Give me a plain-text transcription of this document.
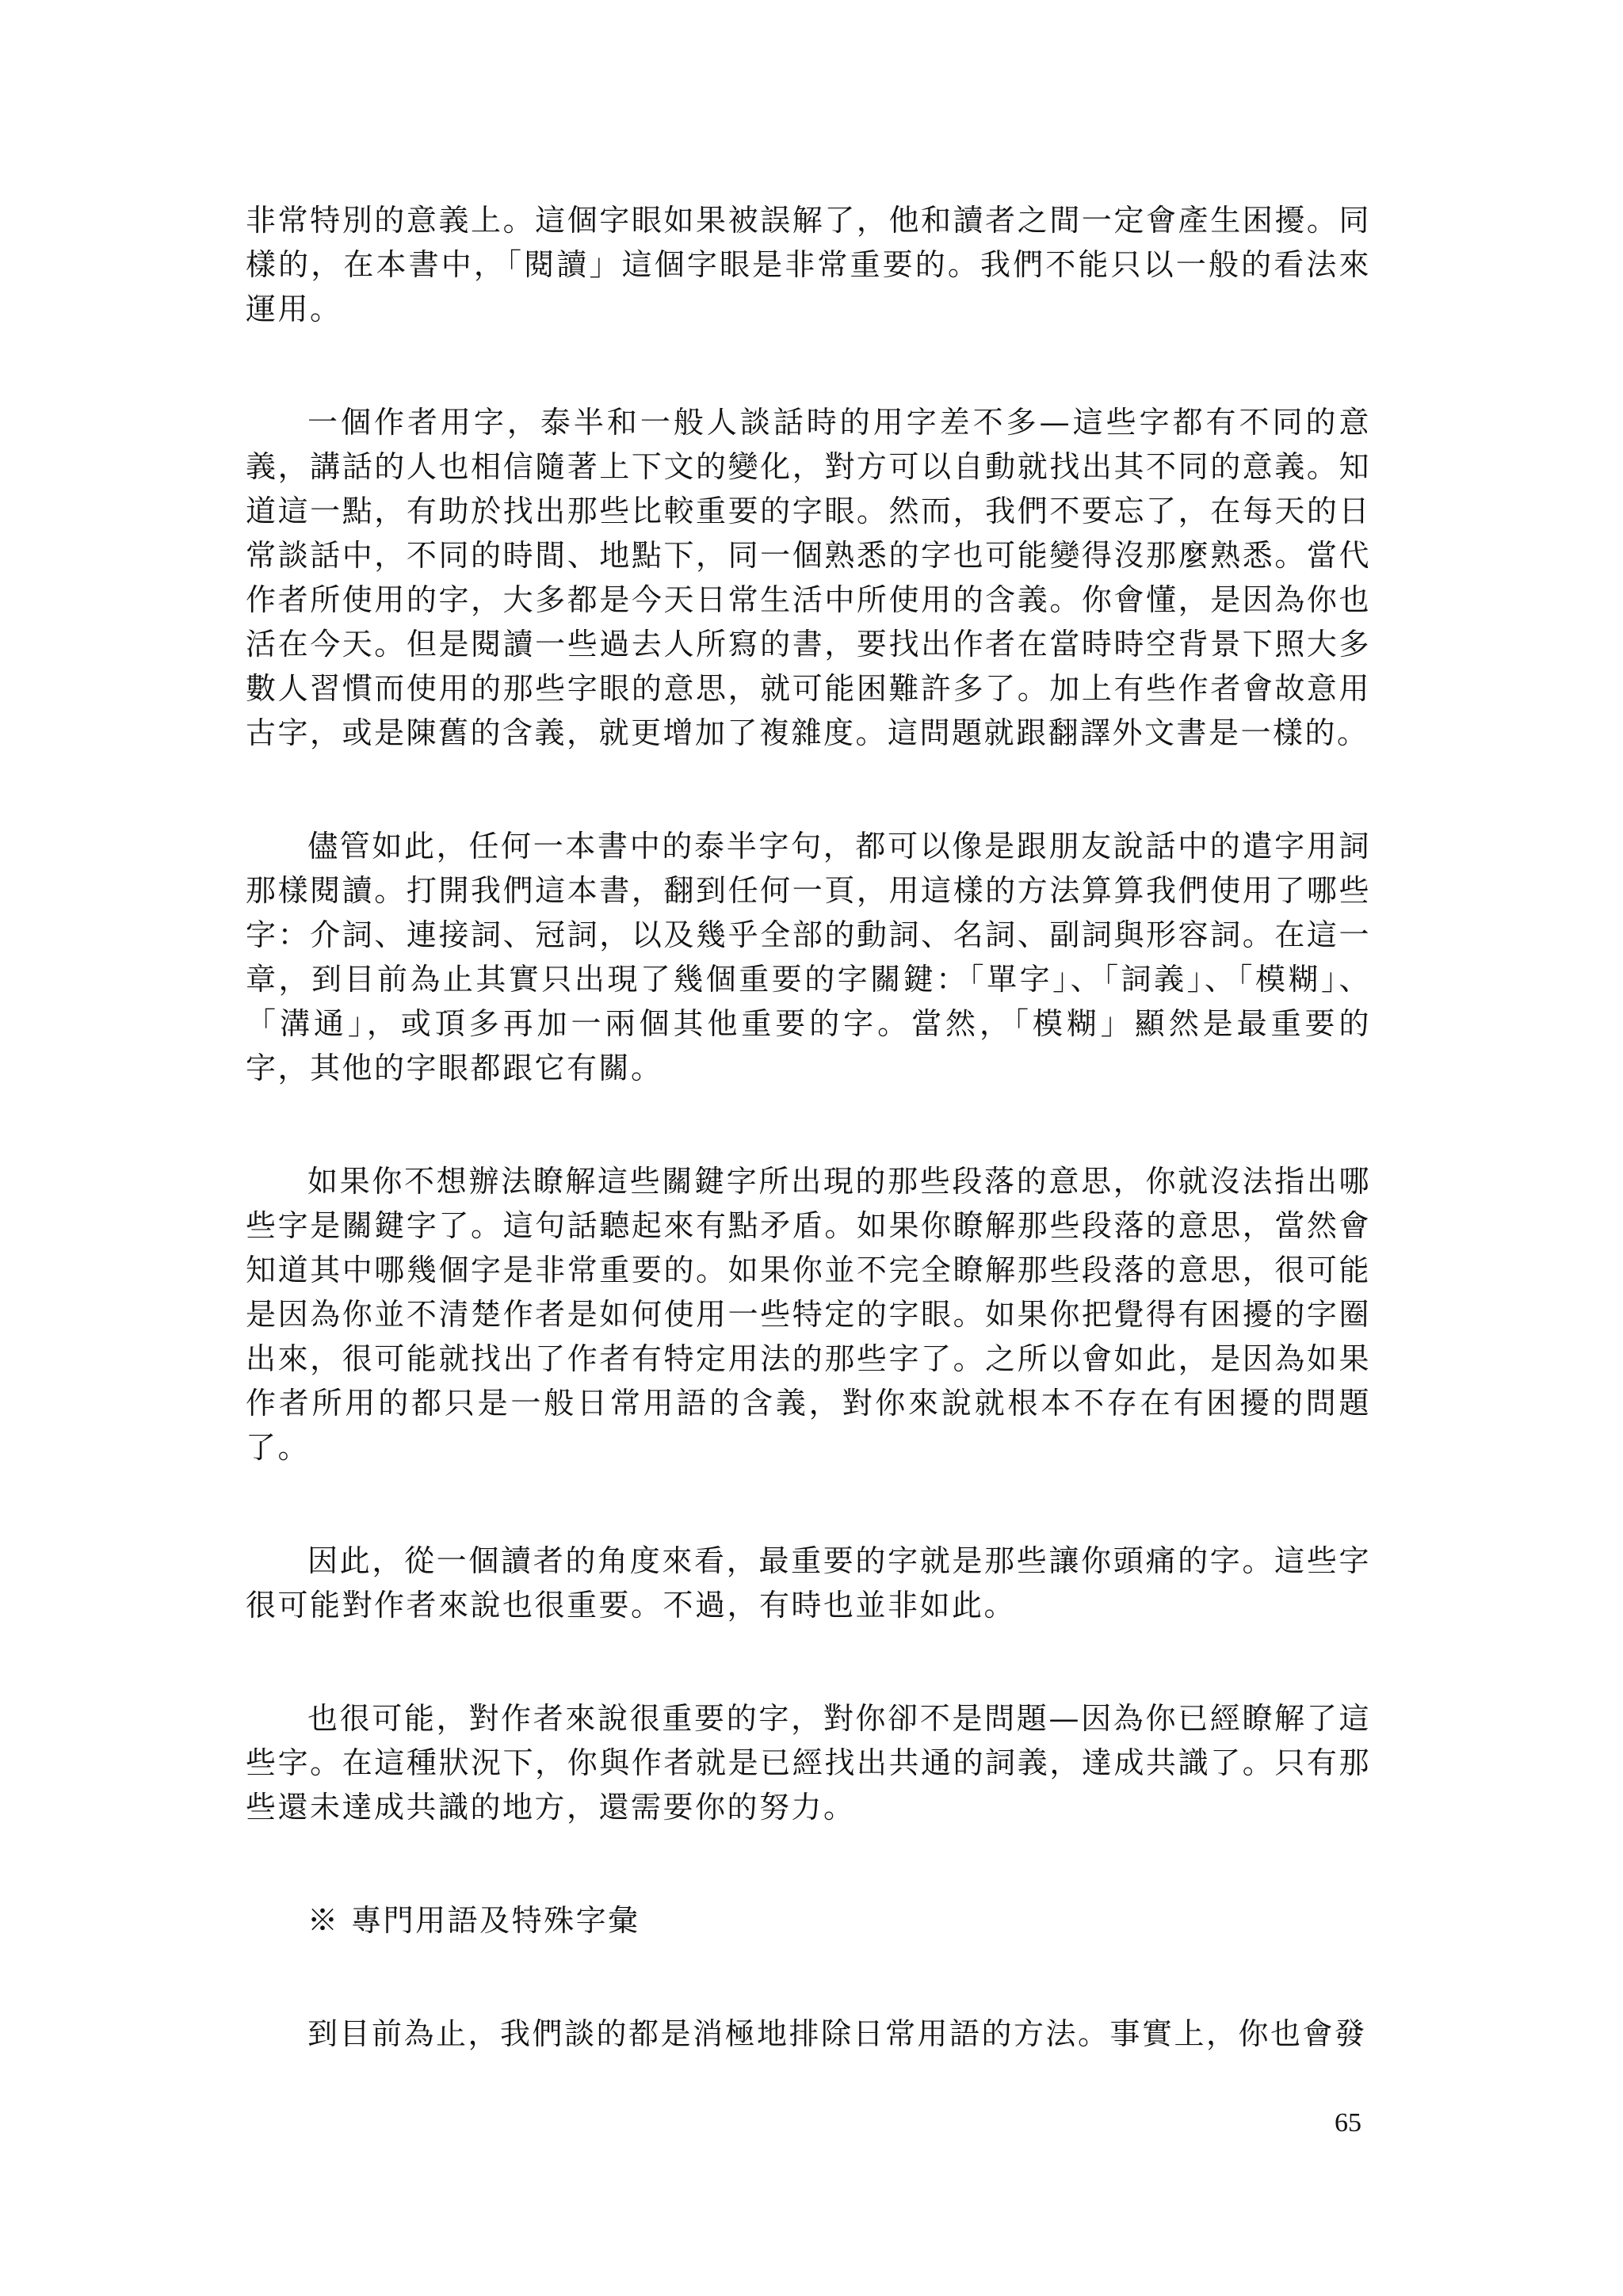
非常特別的意義上。這個字眼如果被誤解了，他和讀者之間一定會產生困擾。同樣的，在本書中，「閱讀」這個字眼是非常重要的。我們不能只以一般的看法來運用。

一個作者用字，泰半和一般人談話時的用字差不多—這些字都有不同的意義，講話的人也相信隨著上下文的變化，對方可以自動就找出其不同的意義。知道這一點，有助於找出那些比較重要的字眼。然而，我們不要忘了，在每天的日常談話中，不同的時間、地點下，同一個熟悉的字也可能變得沒那麼熟悉。當代作者所使用的字，大多都是今天日常生活中所使用的含義。你會懂，是因為你也活在今天。但是閱讀一些過去人所寫的書，要找出作者在當時時空背景下照大多數人習慣而使用的那些字眼的意思，就可能困難許多了。加上有些作者會故意用古字，或是陳舊的含義，就更增加了複雜度。這問題就跟翻譯外文書是一樣的。

儘管如此，任何一本書中的泰半字句，都可以像是跟朋友說話中的遣字用詞那樣閱讀。打開我們這本書，翻到任何一頁，用這樣的方法算算我們使用了哪些字：介詞、連接詞、冠詞，以及幾乎全部的動詞、名詞、副詞與形容詞。在這一章，到目前為止其實只出現了幾個重要的字關鍵：「單字」、「詞義」、「模糊」、「溝通」，或頂多再加一兩個其他重要的字。當然，「模糊」顯然是最重要的字，其他的字眼都跟它有關。

如果你不想辦法瞭解這些關鍵字所出現的那些段落的意思，你就沒法指出哪些字是關鍵字了。這句話聽起來有點矛盾。如果你瞭解那些段落的意思，當然會知道其中哪幾個字是非常重要的。如果你並不完全瞭解那些段落的意思，很可能是因為你並不清楚作者是如何使用一些特定的字眼。如果你把覺得有困擾的字圈出來，很可能就找出了作者有特定用法的那些字了。之所以會如此，是因為如果作者所用的都只是一般日常用語的含義，對你來說就根本不存在有困擾的問題了。

因此，從一個讀者的角度來看，最重要的字就是那些讓你頭痛的字。這些字很可能對作者來說也很重要。不過，有時也並非如此。

也很可能，對作者來說很重要的字，對你卻不是問題—因為你已經瞭解了這些字。在這種狀況下，你與作者就是已經找出共通的詞義，達成共識了。只有那些還未達成共識的地方，還需要你的努力。

※ 專門用語及特殊字彙

到目前為止，我們談的都是消極地排除日常用語的方法。事實上，你也會發

65
